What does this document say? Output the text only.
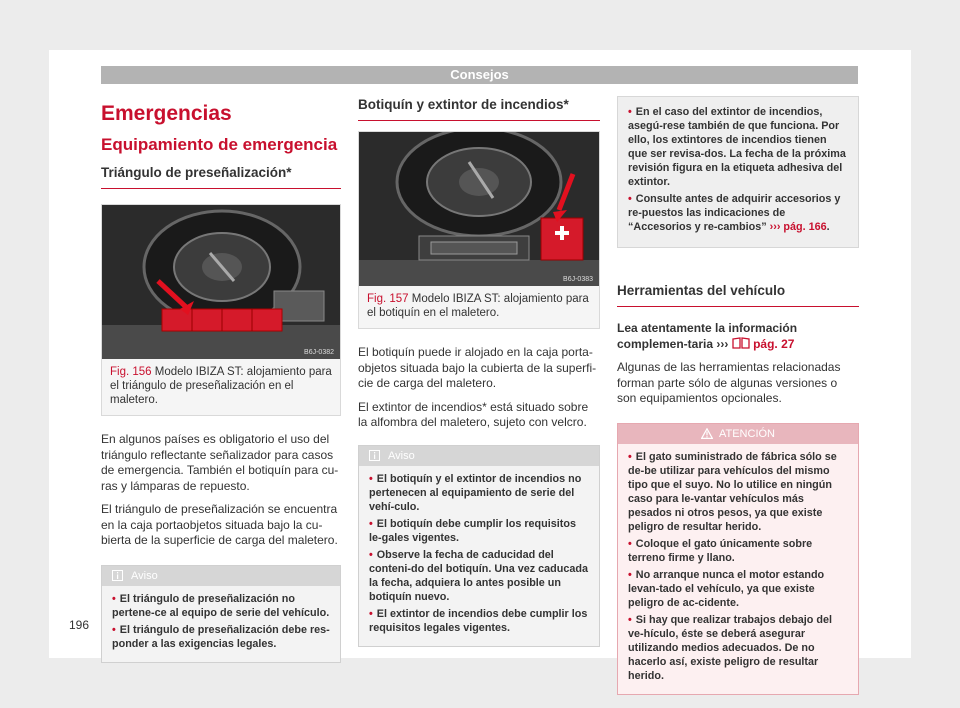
Consejos
Emergencias
Equipamiento de emergencia
Triángulo de preseñalización*
B6J-0382
Fig. 156 Modelo IBIZA ST: alojamiento para el triángulo de preseñalización en el maletero.

En algunos países es obligatorio el uso del triángulo reflectante señalizador para casos de emergencia. También el botiquín para cu-ras y lámparas de repuesto.

El triángulo de preseñalización se encuentra en la caja portaobjetos situada bajo la cu-bierta de la superficie de carga del maletero.

Aviso
• El triángulo de preseñalización no pertene-ce al equipo de serie del vehículo.
• El triángulo de preseñalización debe res-ponder a las exigencias legales.
Botiquín y extintor de incendios*
B6J-0383
Fig. 157 Modelo IBIZA ST: alojamiento para el botiquín en el maletero.

El botiquín puede ir alojado en la caja porta-objetos situada bajo la cubierta de la superfi-cie de carga del maletero.

El extintor de incendios* está situado sobre la alfombra del maletero, sujeto con velcro.

Aviso
• El botiquín y el extintor de incendios no pertenecen al equipamiento de serie del vehí-culo.
• El botiquín debe cumplir los requisitos le-gales vigentes.
• Observe la fecha de caducidad del conteni-do del botiquín. Una vez caducada la fecha, adquiera lo antes posible un botiquín nuevo.
• El extintor de incendios debe cumplir los requisitos legales vigentes.
• En el caso del extintor de incendios, asegú-rese también de que funciona. Por ello, los extintores de incendios tienen que ser revisa-dos. La fecha de la próxima revisión figura en la etiqueta adhesiva del extintor.
• Consulte antes de adquirir accesorios y re-puestos las indicaciones de “Accesorios y re-cambios” ››› pág. 166.
Herramientas del vehículo

Lea atentamente la información complemen-taria ››› pág. 27

Algunas de las herramientas relacionadas forman parte sólo de algunas versiones o son equipamientos opcionales.

ATENCIÓN
• El gato suministrado de fábrica sólo se de-be utilizar para vehículos del mismo tipo que el suyo. No lo utilice en ningún caso para le-vantar vehículos más pesados ni otros pesos, ya que existe peligro de resultar herido.
• Coloque el gato únicamente sobre terreno firme y llano.
• No arranque nunca el motor estando levan-tado el vehículo, ya que existe peligro de ac-cidente.
• Si hay que realizar trabajos debajo del ve-hículo, éste se deberá asegurar utilizando medios adecuados. De no hacerlo así, existe peligro de resultar herido.
196
